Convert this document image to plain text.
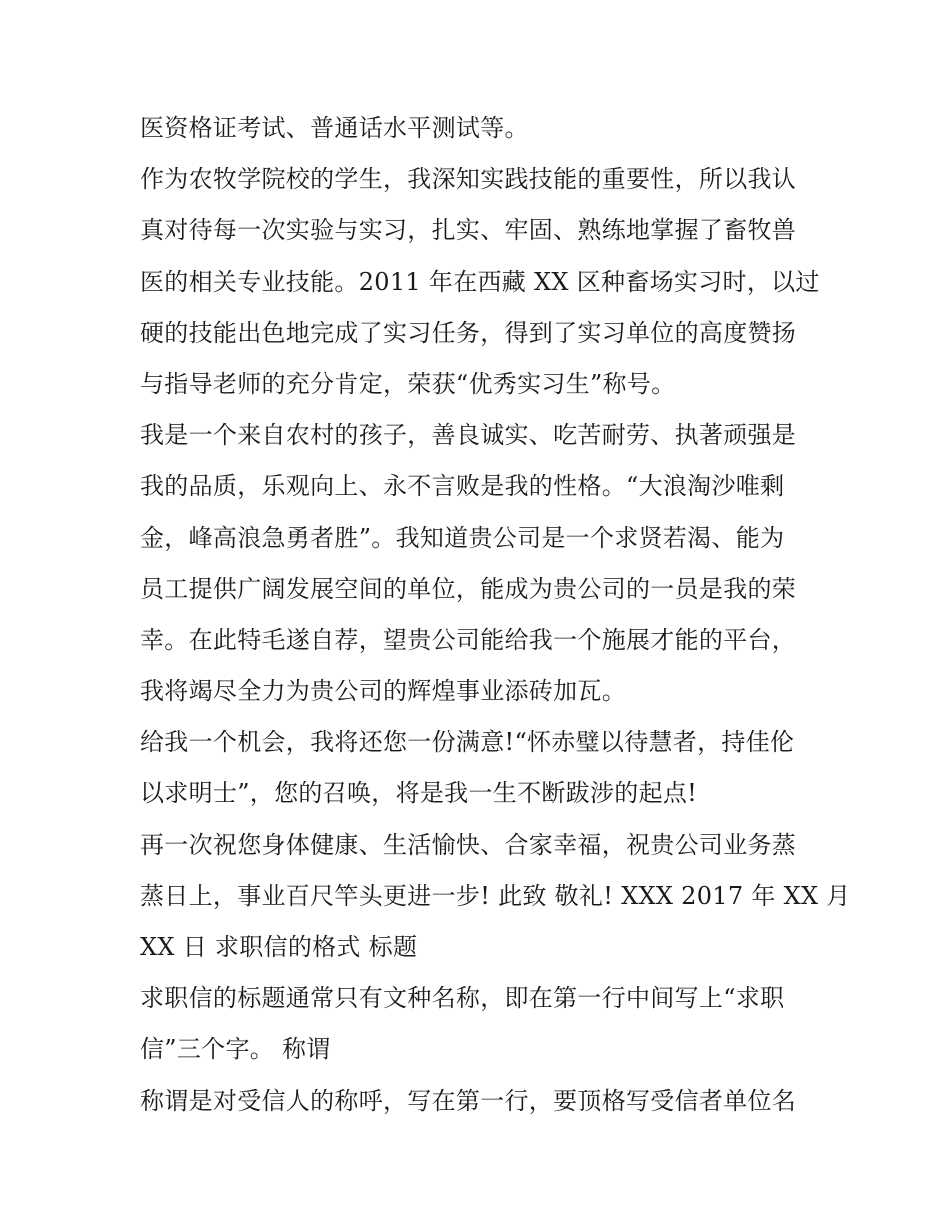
医资格证考试、普通话水平测试等。
作为农牧学院校的学生，我深知实践技能的重要性，所以我认
真对待每一次实验与实习，扎实、牢固、熟练地掌握了畜牧兽
医的相关专业技能。2011 年在西藏 XX 区种畜场实习时，以过
硬的技能出色地完成了实习任务，得到了实习单位的高度赞扬
与指导老师的充分肯定，荣获“优秀实习生”称号。
我是一个来自农村的孩子，善良诚实、吃苦耐劳、执著顽强是
我的品质，乐观向上、永不言败是我的性格。“大浪淘沙唯剩
金，峰高浪急勇者胜”。我知道贵公司是一个求贤若渴、能为
员工提供广阔发展空间的单位，能成为贵公司的一员是我的荣
幸。在此特毛遂自荐，望贵公司能给我一个施展才能的平台，
我将竭尽全力为贵公司的辉煌事业添砖加瓦。
给我一个机会，我将还您一份满意!“怀赤璧以待慧者，持佳伦
以求明士”，您的召唤，将是我一生不断跋涉的起点!
再一次祝您身体健康、生活愉快、合家幸福，祝贵公司业务蒸
蒸日上，事业百尺竿头更进一步! 此致 敬礼! XXX 2017 年 XX 月
XX 日 求职信的格式 标题
求职信的标题通常只有文种名称，即在第一行中间写上“求职
信”三个字。 称谓
称谓是对受信人的称呼，写在第一行，要顶格写受信者单位名
